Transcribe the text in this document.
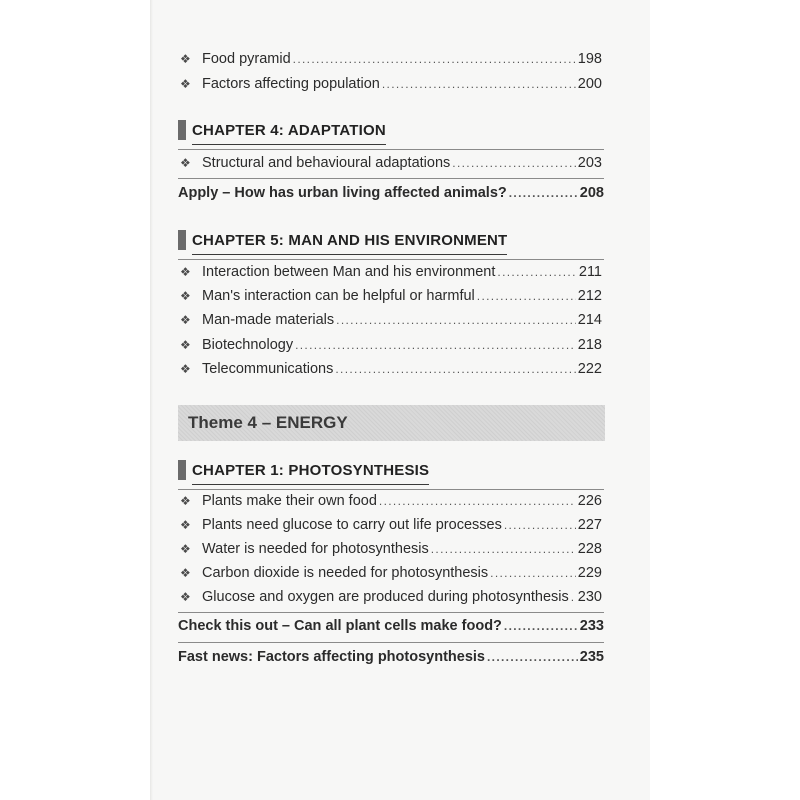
❖ Food pyramid . . .	198
❖ Factors affecting population . . .	200
CHAPTER 4: ADAPTATION
❖ Structural and behavioural adaptations . . .	203
Apply – How has urban living affected animals? . . .	208
CHAPTER 5: MAN AND HIS ENVIRONMENT
❖ Interaction between Man and his environment . . .	211
❖ Man's interaction can be helpful or harmful . . .	212
❖ Man-made materials . . .	214
❖ Biotechnology . . .	218
❖ Telecommunications . . .	222
Theme 4 – ENERGY
CHAPTER 1: PHOTOSYNTHESIS
❖ Plants make their own food . . .	226
❖ Plants need glucose to carry out life processes . . .	227
❖ Water is needed for photosynthesis . . .	228
❖ Carbon dioxide is needed for photosynthesis . . .	229
❖ Glucose and oxygen are produced during photosynthesis . . . 230
Check this out – Can all plant cells make food? . . .	233
Fast news: Factors affecting photosynthesis . . .	235
